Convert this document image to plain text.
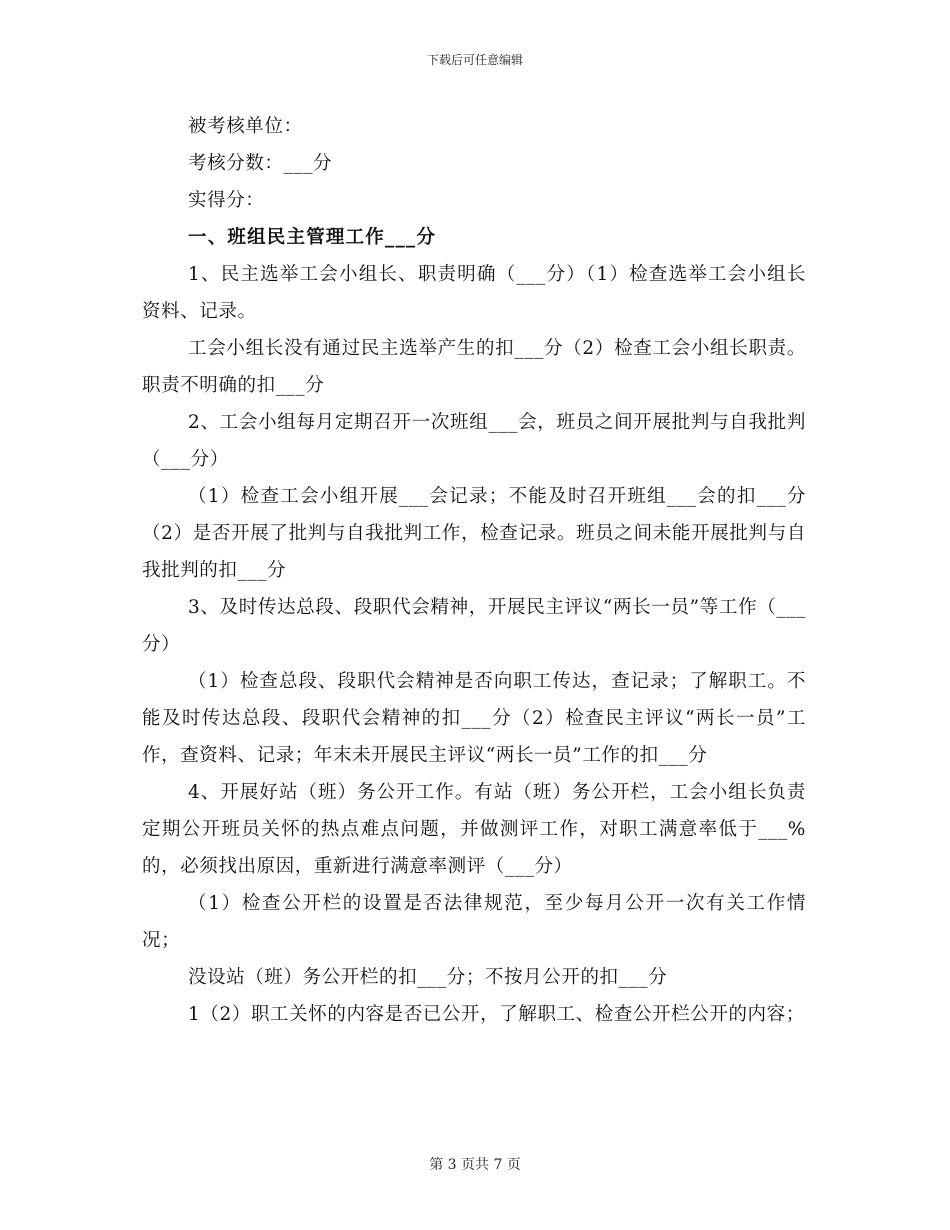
下载后可任意编辑

被考核单位：

考核分数：___分

实得分：

一、班组民主管理工作___分

1、民主选举工会小组长、职责明确（___分）（1）检查选举工会小组长资料、记录。

工会小组长没有通过民主选举产生的扣___分（2）检查工会小组长职责。职责不明确的扣___分

2、工会小组每月定期召开一次班组___会，班员之间开展批判与自我批判（___分）

（1）检查工会小组开展___会记录；不能及时召开班组___会的扣___分（2）是否开展了批判与自我批判工作，检查记录。班员之间未能开展批判与自我批判的扣___分

3、及时传达总段、段职代会精神，开展民主评议“两长一员”等工作（___分）

（1）检查总段、段职代会精神是否向职工传达，查记录；了解职工。不能及时传达总段、段职代会精神的扣___分（2）检查民主评议“两长一员”工作，查资料、记录；年末未开展民主评议“两长一员”工作的扣___分

4、开展好站（班）务公开工作。有站（班）务公开栏，工会小组长负责定期公开班员关怀的热点难点问题，并做测评工作，对职工满意率低于___%的，必须找出原因，重新进行满意率测评（___分）

（1）检查公开栏的设置是否法律规范，至少每月公开一次有关工作情况；

没设站（班）务公开栏的扣___分；不按月公开的扣___分

1（2）职工关怀的内容是否已公开，了解职工、检查公开栏公开的内容；

第 3 页共 7 页
